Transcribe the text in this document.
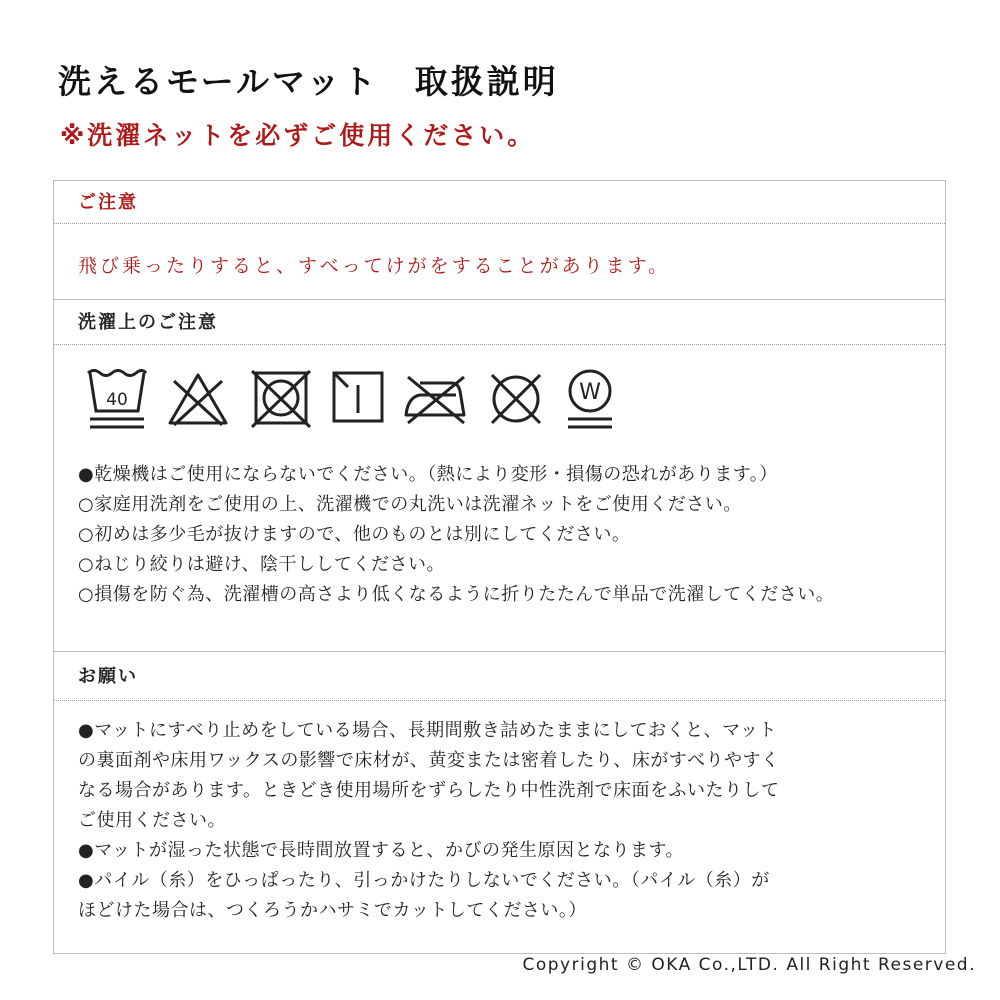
洗えるモールマット　取扱説明
※洗濯ネットを必ずご使用ください。
ご注意
飛び乗ったりすると、すべってけがをすることがあります。
洗濯上のご注意
40	W
●乾燥機はご使用にならないでください。（熱により変形・損傷の恐れがあります。）
○家庭用洗剤をご使用の上、洗濯機での丸洗いは洗濯ネットをご使用ください。
○初めは多少毛が抜けますので、他のものとは別にしてください。
○ねじり絞りは避け、陰干ししてください。
○損傷を防ぐ為、洗濯槽の高さより低くなるように折りたたんで単品で洗濯してください。
お願い
●マットにすべり止めをしている場合、長期間敷き詰めたままにしておくと、マット
の裏面剤や床用ワックスの影響で床材が、黄変または密着したり、床がすべりやすく
なる場合があります。ときどき使用場所をずらしたり中性洗剤で床面をふいたりして
ご使用ください。
●マットが湿った状態で長時間放置すると、かびの発生原因となります。
●パイル（糸）をひっぱったり、引っかけたりしないでください。（パイル（糸）が
ほどけた場合は、つくろうかハサミでカットしてください。）
Copyright © OKA Co.,LTD. All Right Reserved.
